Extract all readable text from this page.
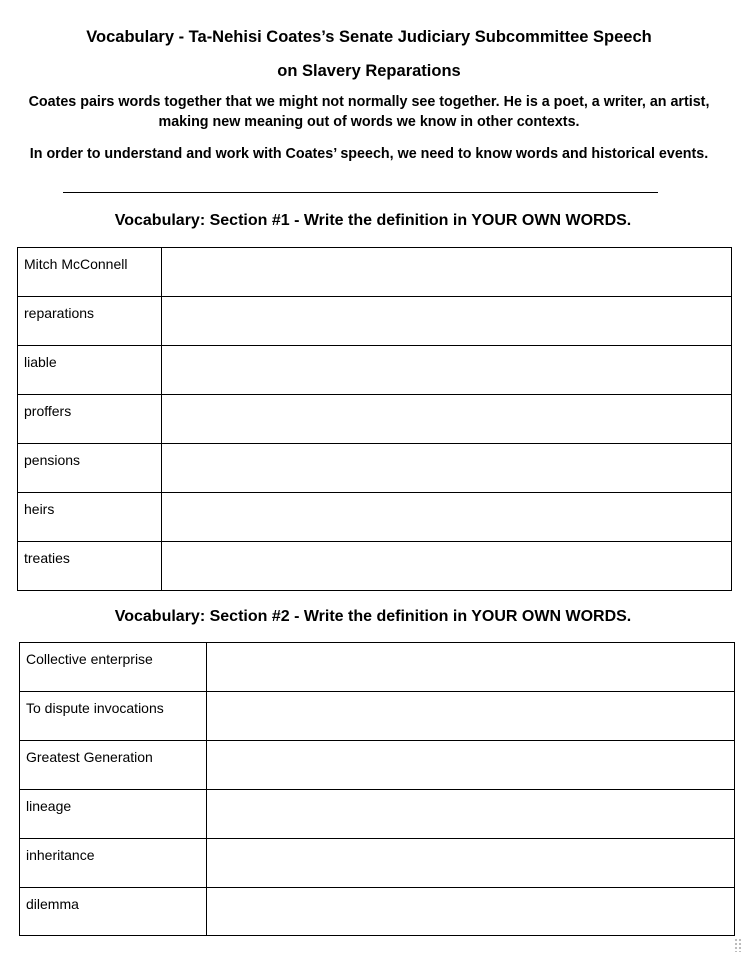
Vocabulary - Ta-Nehisi Coates’s Senate Judiciary Subcommittee Speech

on Slavery Reparations

Coates pairs words together that we might not normally see together. He is a poet, a writer, an artist, making new meaning out of words we know in other contexts.

In order to understand and work with Coates’ speech, we need to know words and historical events.

Vocabulary: Section #1 - Write the definition in YOUR OWN WORDS.

Mitch McConnell	
reparations	
liable	
proffers	
pensions	
heirs	
treaties	

Vocabulary: Section #2 - Write the definition in YOUR OWN WORDS.

Collective enterprise	
To dispute invocations	
Greatest Generation	
lineage	
inheritance	
dilemma	
